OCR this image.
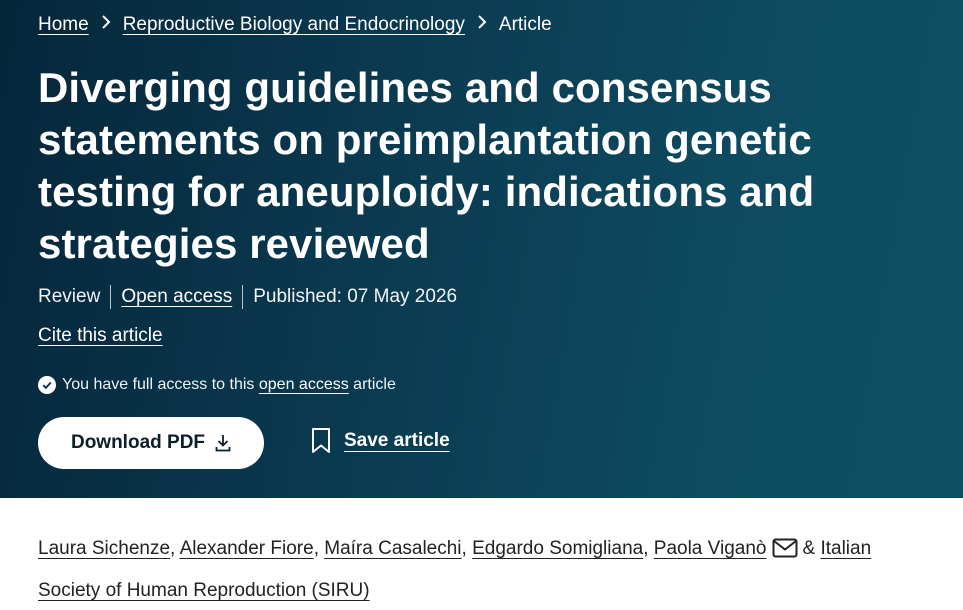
Home Reproductive Biology and Endocrinology Article
Diverging guidelines and consensus statements on preimplantation genetic testing for aneuploidy: indications and strategies reviewed
Review Open access Published: 07 May 2026
Cite this article
You have full access to this
open access
article
Download PDF	Save article
Laura Sichenze, Alexander Fiore, Maíra Casalechi, Edgardo Somigliana, Paola Viganò & Italian
Society of Human Reproduction (SIRU)
